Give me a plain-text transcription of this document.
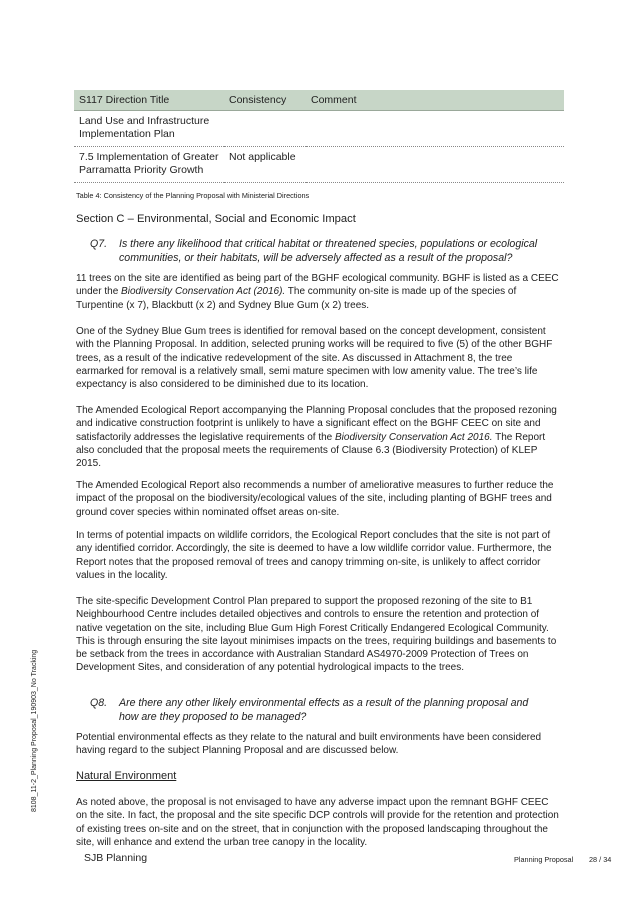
S117 Direction Title	Consistency	Comment
Land Use and Infrastructure Implementation Plan		
7.5 Implementation of Greater Parramatta Priority Growth	Not applicable	
Table 4: Consistency of the Planning Proposal with Ministerial Directions
Section C – Environmental, Social and Economic Impact
Q7. Is there any likelihood that critical habitat or threatened species, populations or ecological communities, or their habitats, will be adversely affected as a result of the proposal?
11 trees on the site are identified as being part of the BGHF ecological community. BGHF is listed as a CEEC under the Biodiversity Conservation Act (2016). The community on-site is made up of the species of Turpentine (x 7), Blackbutt (x 2) and Sydney Blue Gum (x 2) trees.
One of the Sydney Blue Gum trees is identified for removal based on the concept development, consistent with the Planning Proposal. In addition, selected pruning works will be required to five (5) of the other BGHF trees, as a result of the indicative redevelopment of the site. As discussed in Attachment 8, the tree earmarked for removal is a relatively small, semi mature specimen with low amenity value. The tree’s life expectancy is also considered to be diminished due to its location.
The Amended Ecological Report accompanying the Planning Proposal concludes that the proposed rezoning and indicative construction footprint is unlikely to have a significant effect on the BGHF CEEC on site and satisfactorily addresses the legislative requirements of the Biodiversity Conservation Act 2016. The Report also concluded that the proposal meets the requirements of Clause 6.3 (Biodiversity Protection) of KLEP 2015.
The Amended Ecological Report also recommends a number of ameliorative measures to further reduce the impact of the proposal on the biodiversity/ecological values of the site, including planting of BGHF trees and ground cover species within nominated offset areas on-site.
In terms of potential impacts on wildlife corridors, the Ecological Report concludes that the site is not part of any identified corridor. Accordingly, the site is deemed to have a low wildlife corridor value. Furthermore, the Report notes that the proposed removal of trees and canopy trimming on-site, is unlikely to affect corridor values in the locality.
The site-specific Development Control Plan prepared to support the proposed rezoning of the site to B1 Neighbourhood Centre includes detailed objectives and controls to ensure the retention and protection of native vegetation on the site, including Blue Gum High Forest Critically Endangered Ecological Community. This is through ensuring the site layout minimises impacts on the trees, requiring buildings and basements to be setback from the trees in accordance with Australian Standard AS4970-2009 Protection of Trees on Development Sites, and consideration of any potential hydrological impacts to the trees.
Q8. Are there any other likely environmental effects as a result of the planning proposal and how are they proposed to be managed?
Potential environmental effects as they relate to the natural and built environments have been considered having regard to the subject Planning Proposal and are discussed below.
Natural Environment
As noted above, the proposal is not envisaged to have any adverse impact upon the remnant BGHF CEEC on the site. In fact, the proposal and the site specific DCP controls will provide for the retention and protection of existing trees on-site and on the street, that in conjunction with the proposed landscaping throughout the site, will enhance and extend the urban tree canopy in the locality.
SJB Planning	Planning Proposal 28 / 34
8108_11-2_Planning Proposal_190903_No Tracking
